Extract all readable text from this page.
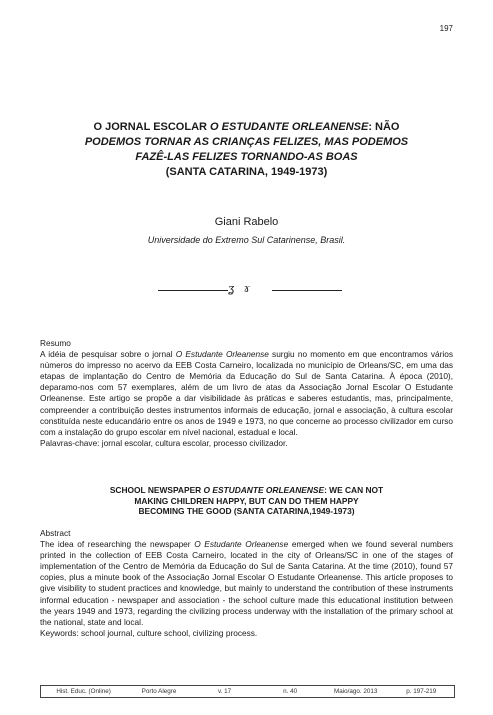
197
O JORNAL ESCOLAR O ESTUDANTE ORLEANENSE: NÃO
PODEMOS TORNAR AS CRIANÇAS FELIZES, MAS PODEMOS
FAZÊ-LAS FELIZES TORNANDO-AS BOAS
(SANTA CATARINA, 1949-1973)
Giani Rabelo
Universidade do Extremo Sul Catarinense, Brasil.
ʓ ɤ
Resumo
A idéia de pesquisar sobre o jornal O Estudante Orleanense surgiu no momento em que encontramos vários números do impresso no acervo da EEB Costa Carneiro, localizada no município de Orleans/SC, em uma das etapas de implantação do Centro de Memória da Educação do Sul de Santa Catarina. À época (2010), deparamo-nos com 57 exemplares, além de um livro de atas da Associação Jornal Escolar O Estudante Orleanense. Este artigo se propõe a dar visibilidade às práticas e saberes estudantis, mas, principalmente, compreender a contribuição destes instrumentos informais de educação, jornal e associação, à cultura escolar constituída neste educandário entre os anos de 1949 e 1973, no que concerne ao processo civilizador em curso com a instalação do grupo escolar em nível nacional, estadual e local.
Palavras-chave: jornal escolar, cultura escolar, processo civilizador.
SCHOOL NEWSPAPER O ESTUDANTE ORLEANENSE: WE CAN NOT
MAKING CHILDREN HAPPY, BUT CAN DO THEM HAPPY
BECOMING THE GOOD (SANTA CATARINA,1949-1973)
Abstract
The idea of researching the newspaper O Estudante Orleanense emerged when we found several numbers printed in the collection of EEB Costa Carneiro, located in the city of Orleans/SC in one of the stages of implementation of the Centro de Memória da Educação do Sul de Santa Catarina. At the time (2010), found 57 copies, plus a minute book of the Associação Jornal Escolar O Estudante Orleanense. This article proposes to give visibility to student practices and knowledge, but mainly to understand the contribution of these instruments informal education - newspaper and association - the school culture made this educational institution between the years 1949 and 1973, regarding the civilizing process underway with the installation of the primary school at the national, state and local.
Keywords: school journal, culture school, civilizing process.
Hist. Educ. (Online)	Porto Alegre	v. 17	n. 40	Maio/ago. 2013	p. 197-219
